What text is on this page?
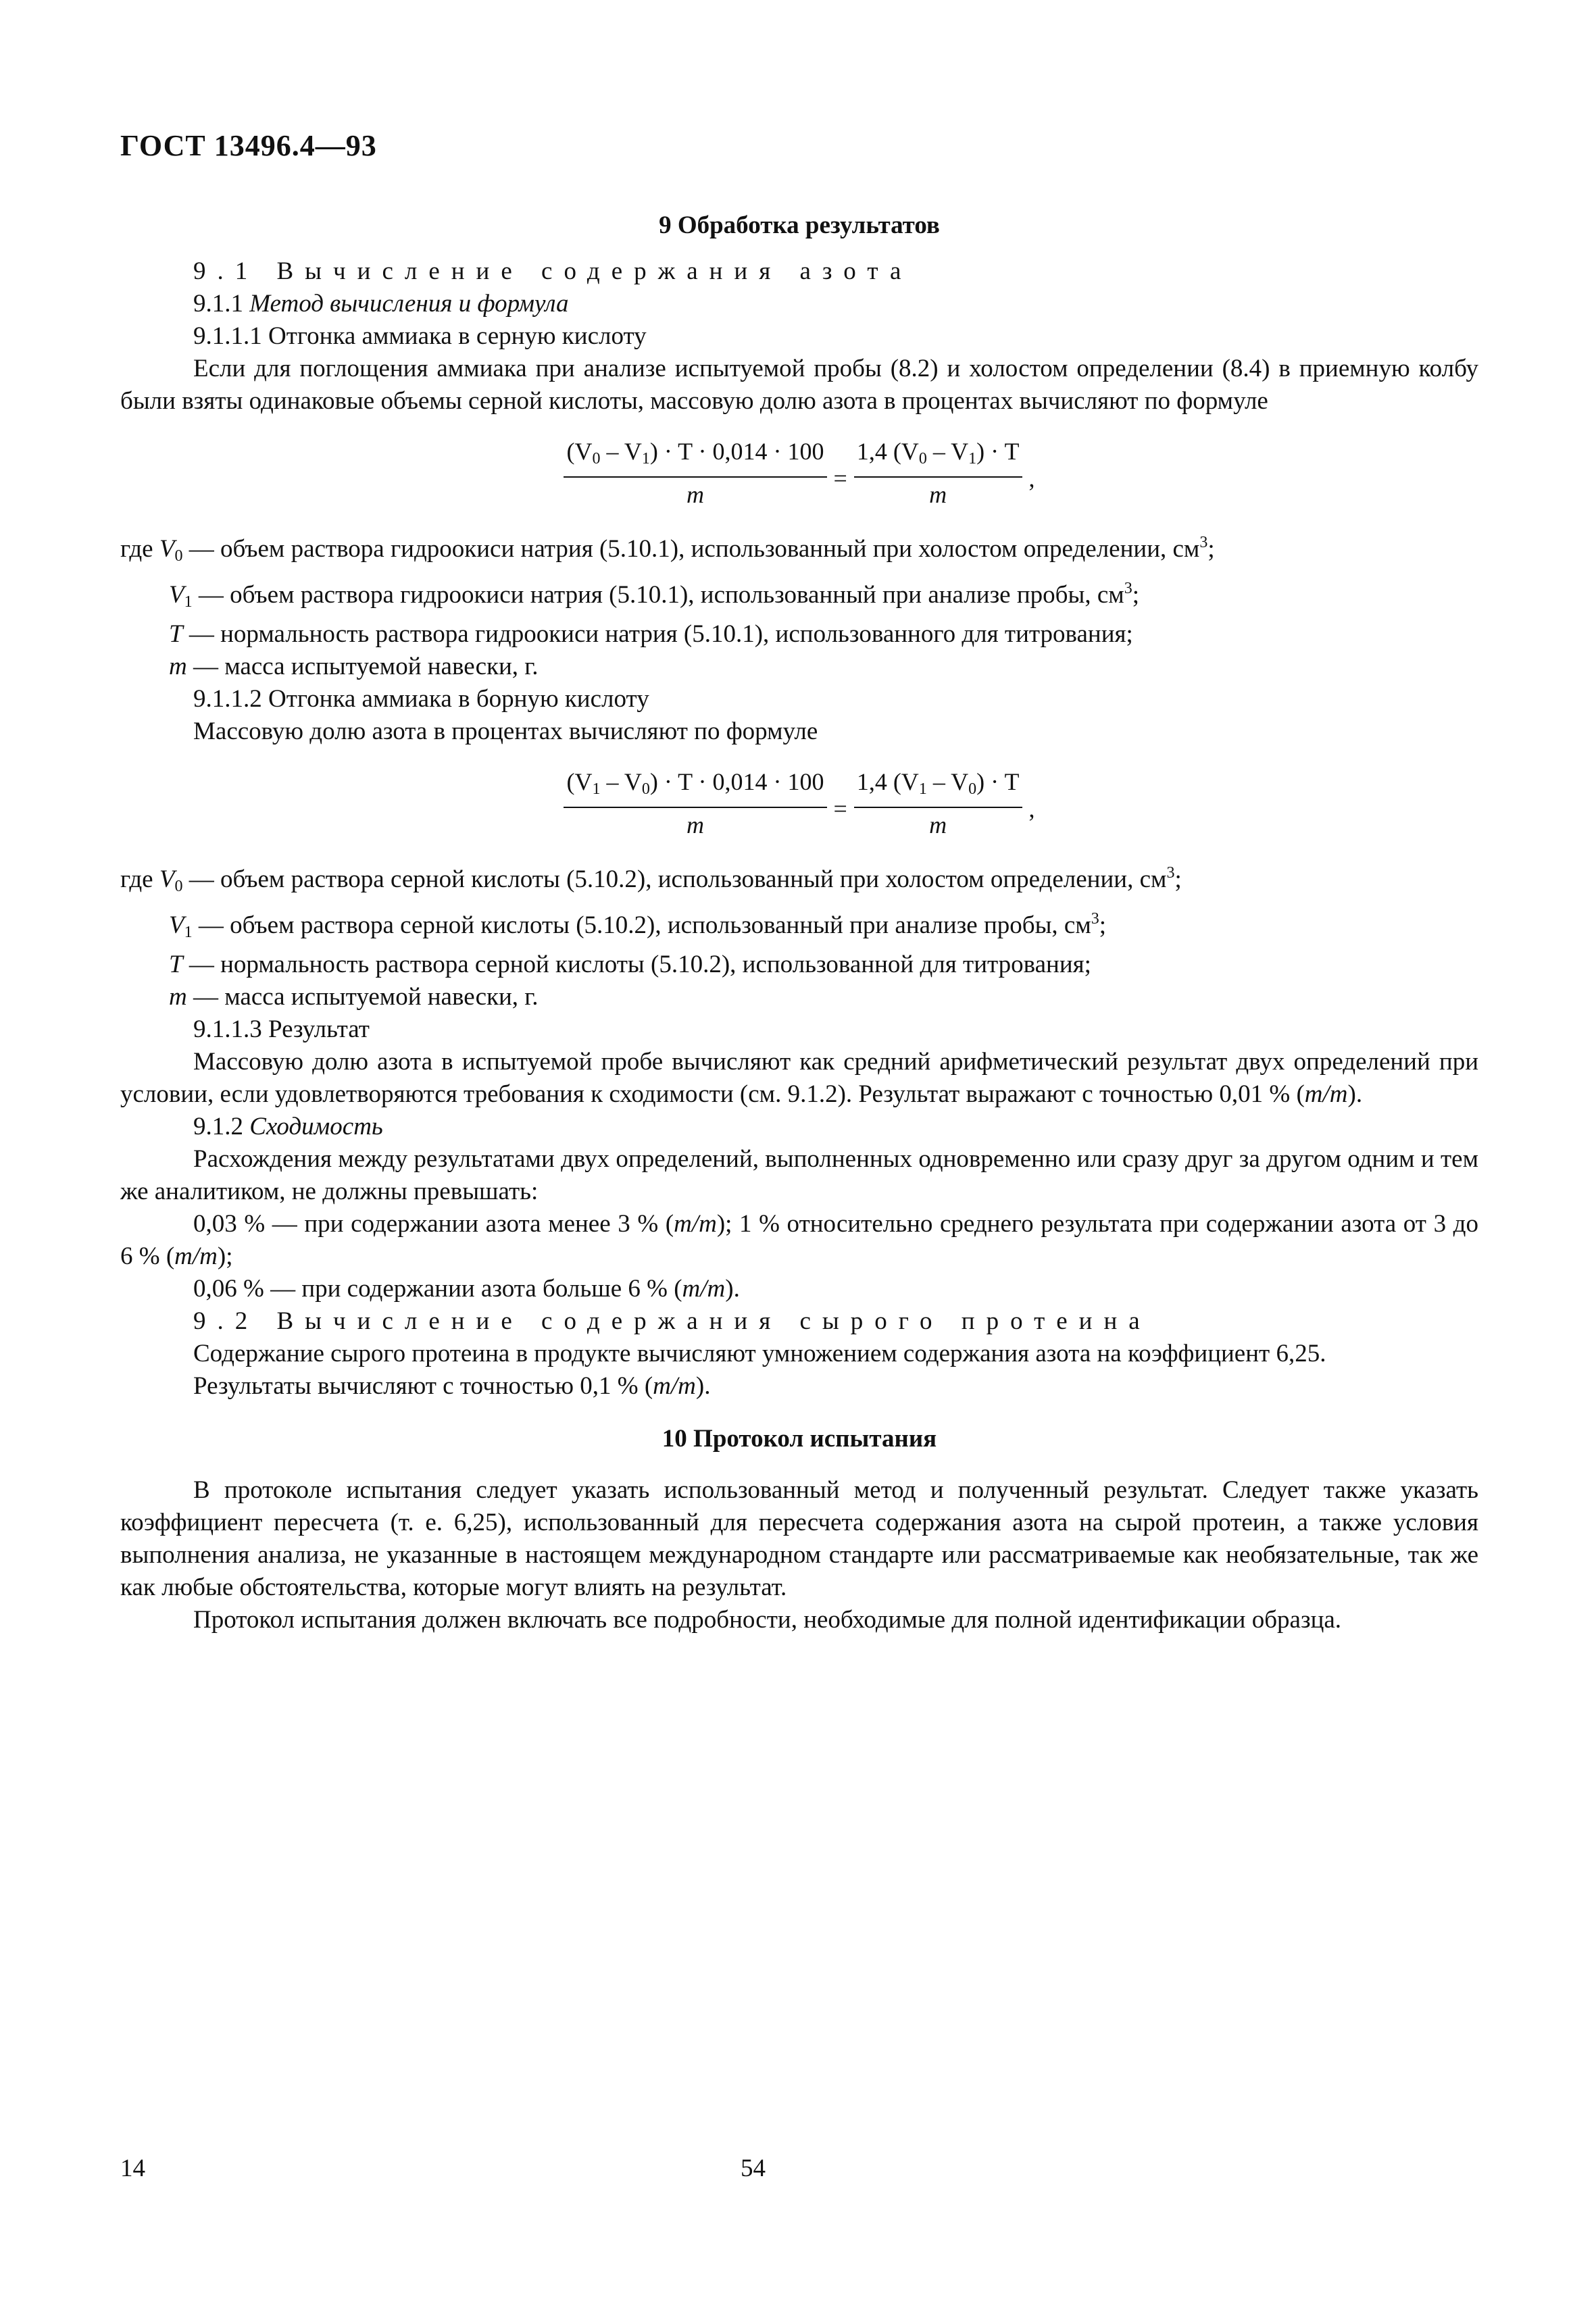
ГОСТ 13496.4—93

9 Обработка результатов

9.1 Вычисление содержания азота

9.1.1 Метод вычисления и формула

9.1.1.1 Отгонка аммиака в серную кислоту

Если для поглощения аммиака при анализе испытуемой пробы (8.2) и холостом определении (8.4) в приемную колбу были взяты одинаковые объемы серной кислоты, массовую долю азота в процентах вычисляют по формуле

$\frac{(V_0 - V_1) \cdot T \cdot 0,014 \cdot 100}{m} = \frac{1,4 (V_0 - V_1) \cdot T}{m}$ ,

где $V_0$ — объем раствора гидроокиси натрия (5.10.1), использованный при холостом определении, $см^3$;

$V_1$ — объем раствора гидроокиси натрия (5.10.1), использованный при анализе пробы, $см^3$;

T — нормальность раствора гидроокиси натрия (5.10.1), использованного для титрования;

m — масса испытуемой навески, г.

9.1.1.2 Отгонка аммиака в борную кислоту

Массовую долю азота в процентах вычисляют по формуле

$\frac{(V_1 - V_0) \cdot T \cdot 0,014 \cdot 100}{m} = \frac{1,4 (V_1 - V_0) \cdot T}{m}$ ,

где $V_0$ — объем раствора серной кислоты (5.10.2), использованный при холостом определении, $см^3$;

$V_1$ — объем раствора серной кислоты (5.10.2), использованный при анализе пробы, $см^3$;

T — нормальность раствора серной кислоты (5.10.2), использованной для титрования;

m — масса испытуемой навески, г.

9.1.1.3 Результат

Массовую долю азота в испытуемой пробе вычисляют как средний арифметический результат двух определений при условии, если удовлетворяются требования к сходимости (см. 9.1.2). Результат выражают с точностью 0,01 % (m/m).

9.1.2 Сходимость

Расхождения между результатами двух определений, выполненных одновременно или сразу друг за другом одним и тем же аналитиком, не должны превышать:

0,03 % — при содержании азота менее 3 % (m/m); 1 % относительно среднего результата при содержании азота от 3 до 6 % (m/m);

0,06 % — при содержании азота больше 6 % (m/m).

9.2 Вычисление содержания сырого протеина

Содержание сырого протеина в продукте вычисляют умножением содержания азота на коэффициент 6,25.

Результаты вычисляют с точностью 0,1 % (m/m).

10 Протокол испытания

В протоколе испытания следует указать использованный метод и полученный результат. Следует также указать коэффициент пересчета (т. е. 6,25), использованный для пересчета содержания азота на сырой протеин, а также условия выполнения анализа, не указанные в настоящем международном стандарте или рассматриваемые как необязательные, так же как любые обстоятельства, которые могут влиять на результат.

Протокол испытания должен включать все подробности, необходимые для полной идентификации образца.

14	54
